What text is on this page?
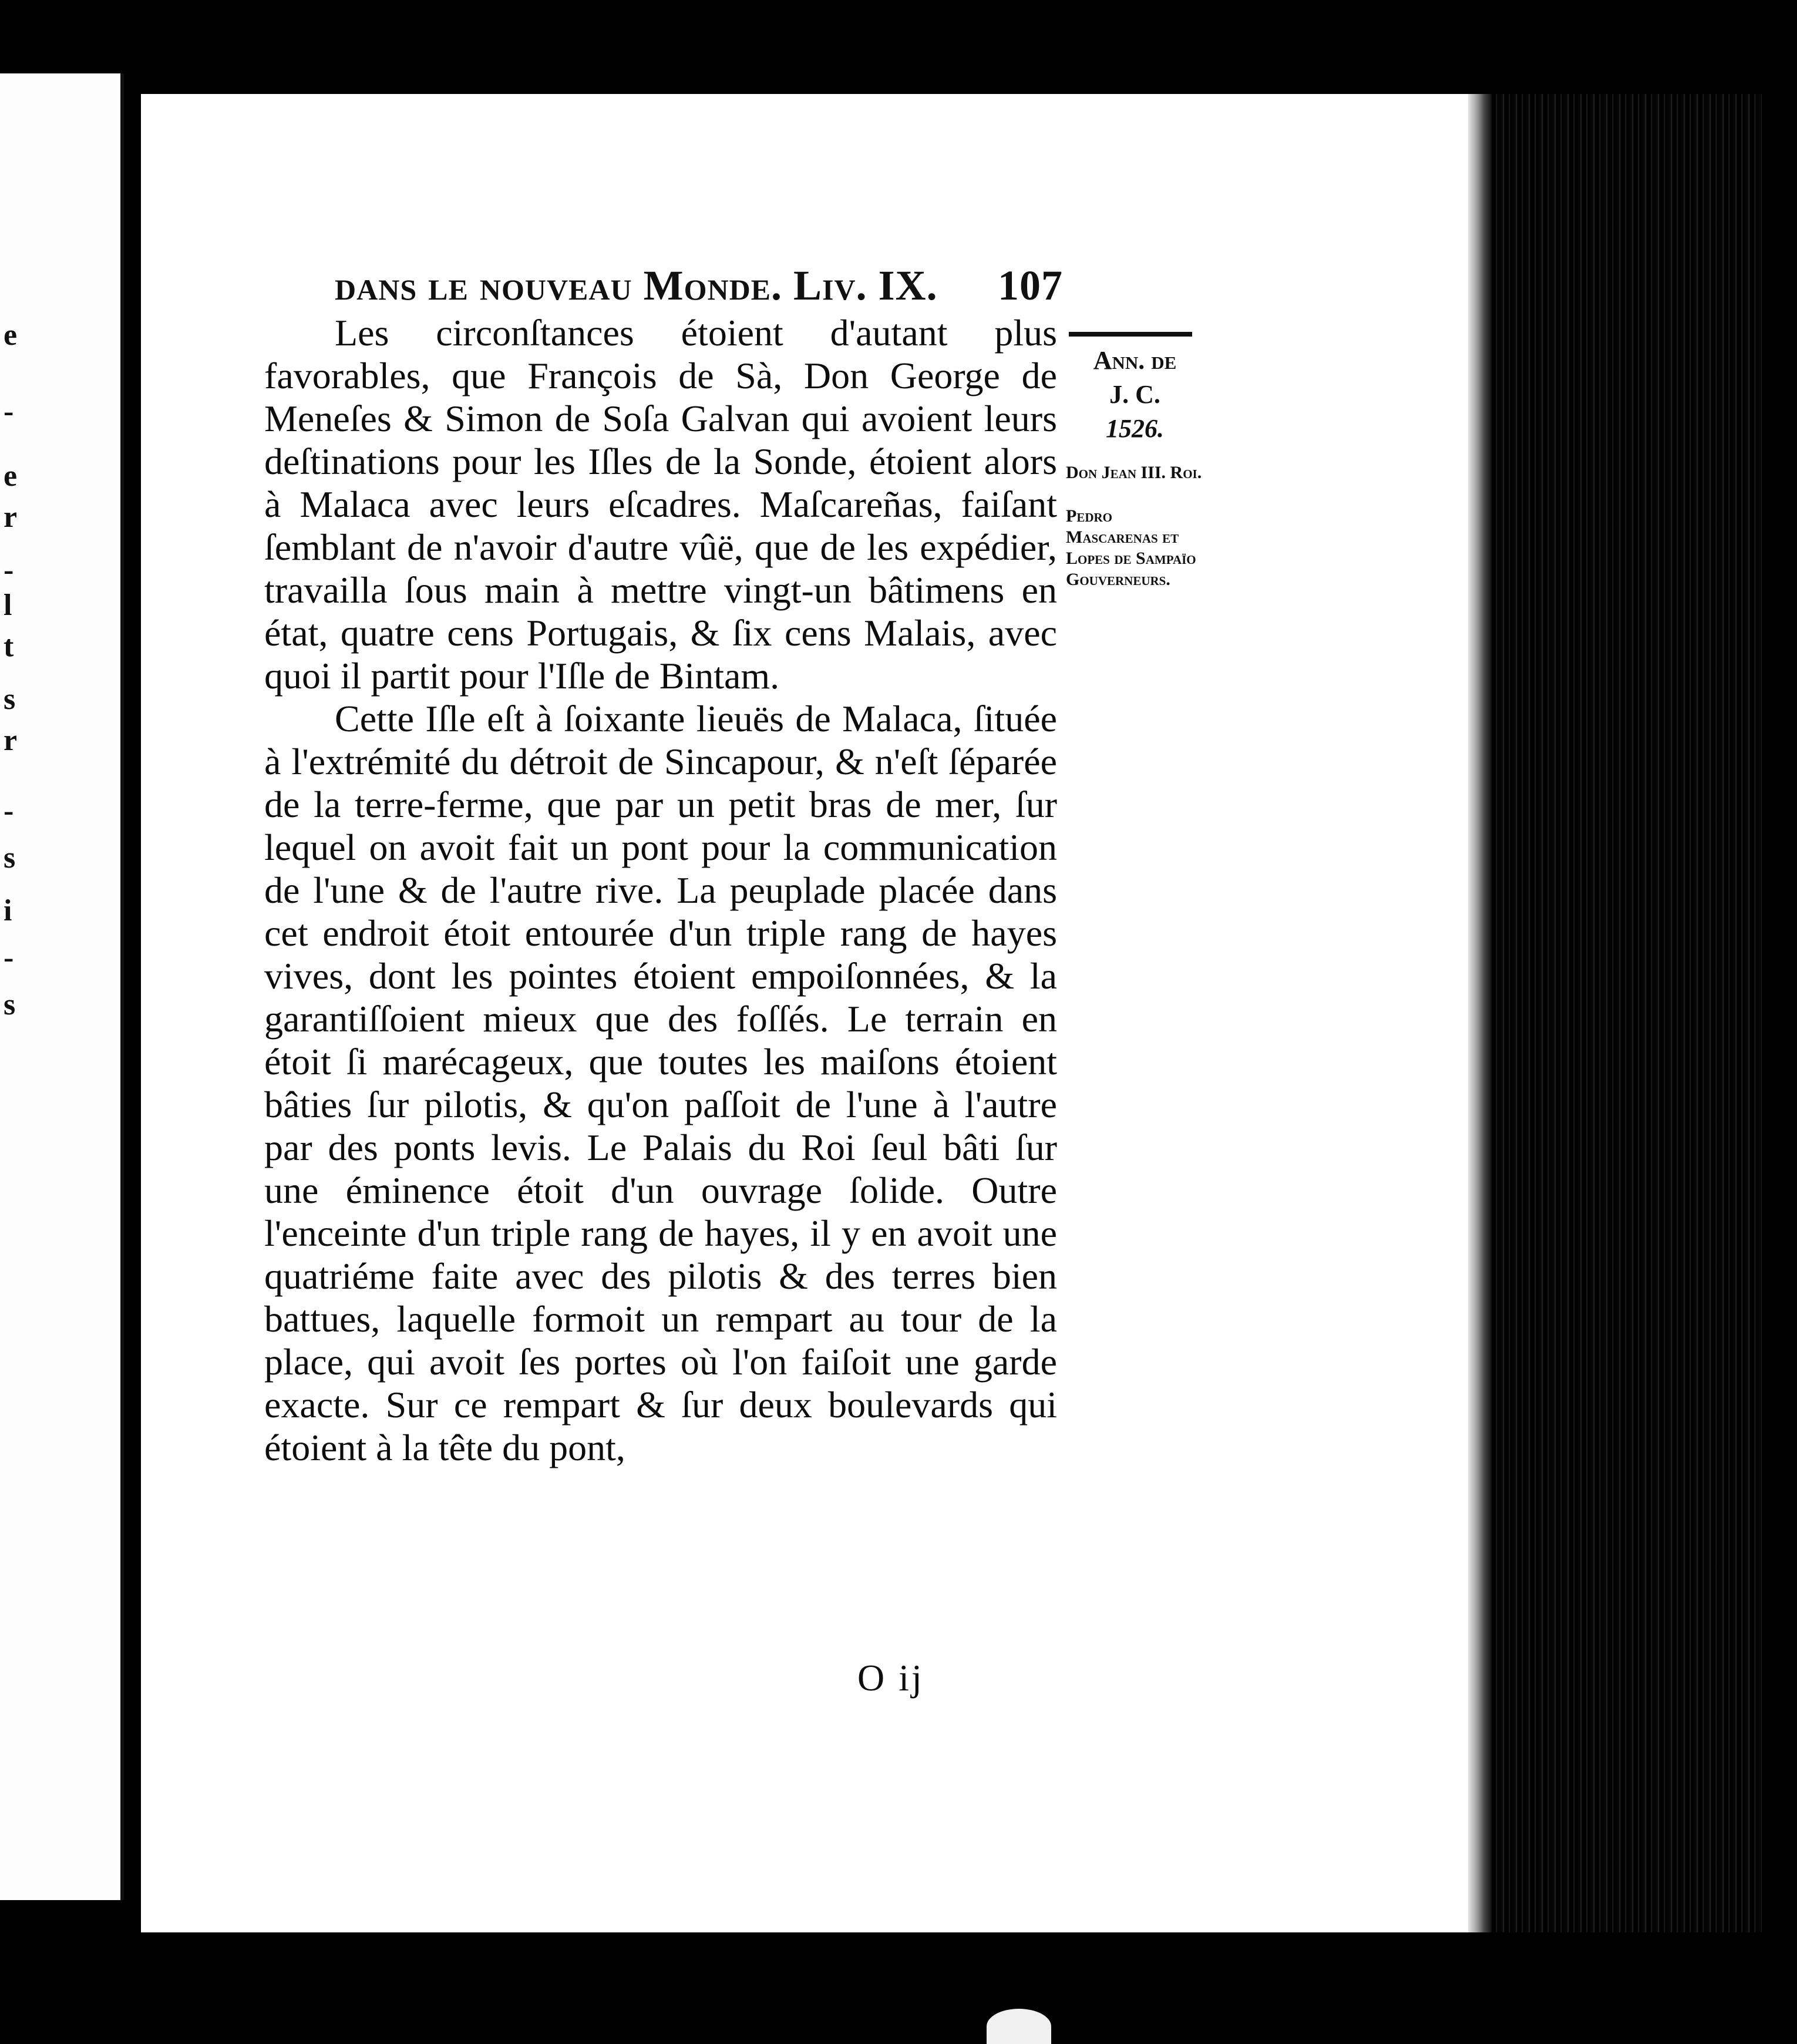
e
-
e
r
-
l
t
s
r
-
s
i
-
s
dans le nouveau Monde. Liv. IX. 107
Ann. de
J. C.
1526.
Don Jean III. Roi.
Pedro Mascarenas et Lopes de Sampaïo Gouverneurs.

Les circonſtances étoient d'autant plus favorables, que François de Sà, Don George de Meneſes & Simon de Soſa Galvan qui avoient leurs deſtinations pour les Iſles de la Sonde, étoient alors à Malaca avec leurs eſcadres. Maſcareñas, faiſant ſemblant de n'avoir d'autre vûë, que de les expédier, travailla ſous main à mettre vingt-un bâtimens en état, quatre cens Portugais, & ſix cens Malais, avec quoi il partit pour l'Iſle de Bintam.

Cette Iſle eſt à ſoixante lieuës de Malaca, ſituée à l'extrémité du détroit de Sincapour, & n'eſt ſéparée de la terre-ferme, que par un petit bras de mer, ſur lequel on avoit fait un pont pour la communication de l'une & de l'autre rive. La peuplade placée dans cet endroit étoit entourée d'un triple rang de hayes vives, dont les pointes étoient empoiſonnées, & la garantiſſoient mieux que des foſſés. Le terrain en étoit ſi marécageux, que toutes les maiſons étoient bâties ſur pilotis, & qu'on paſſoit de l'une à l'autre par des ponts levis. Le Palais du Roi ſeul bâti ſur une éminence étoit d'un ouvrage ſolide. Outre l'enceinte d'un triple rang de hayes, il y en avoit une quatriéme faite avec des pilotis & des terres bien battues, laquelle formoit un rempart au tour de la place, qui avoit ſes portes où l'on faiſoit une garde exacte. Sur ce rempart & ſur deux boulevards qui étoient à la tête du pont,

O ij
